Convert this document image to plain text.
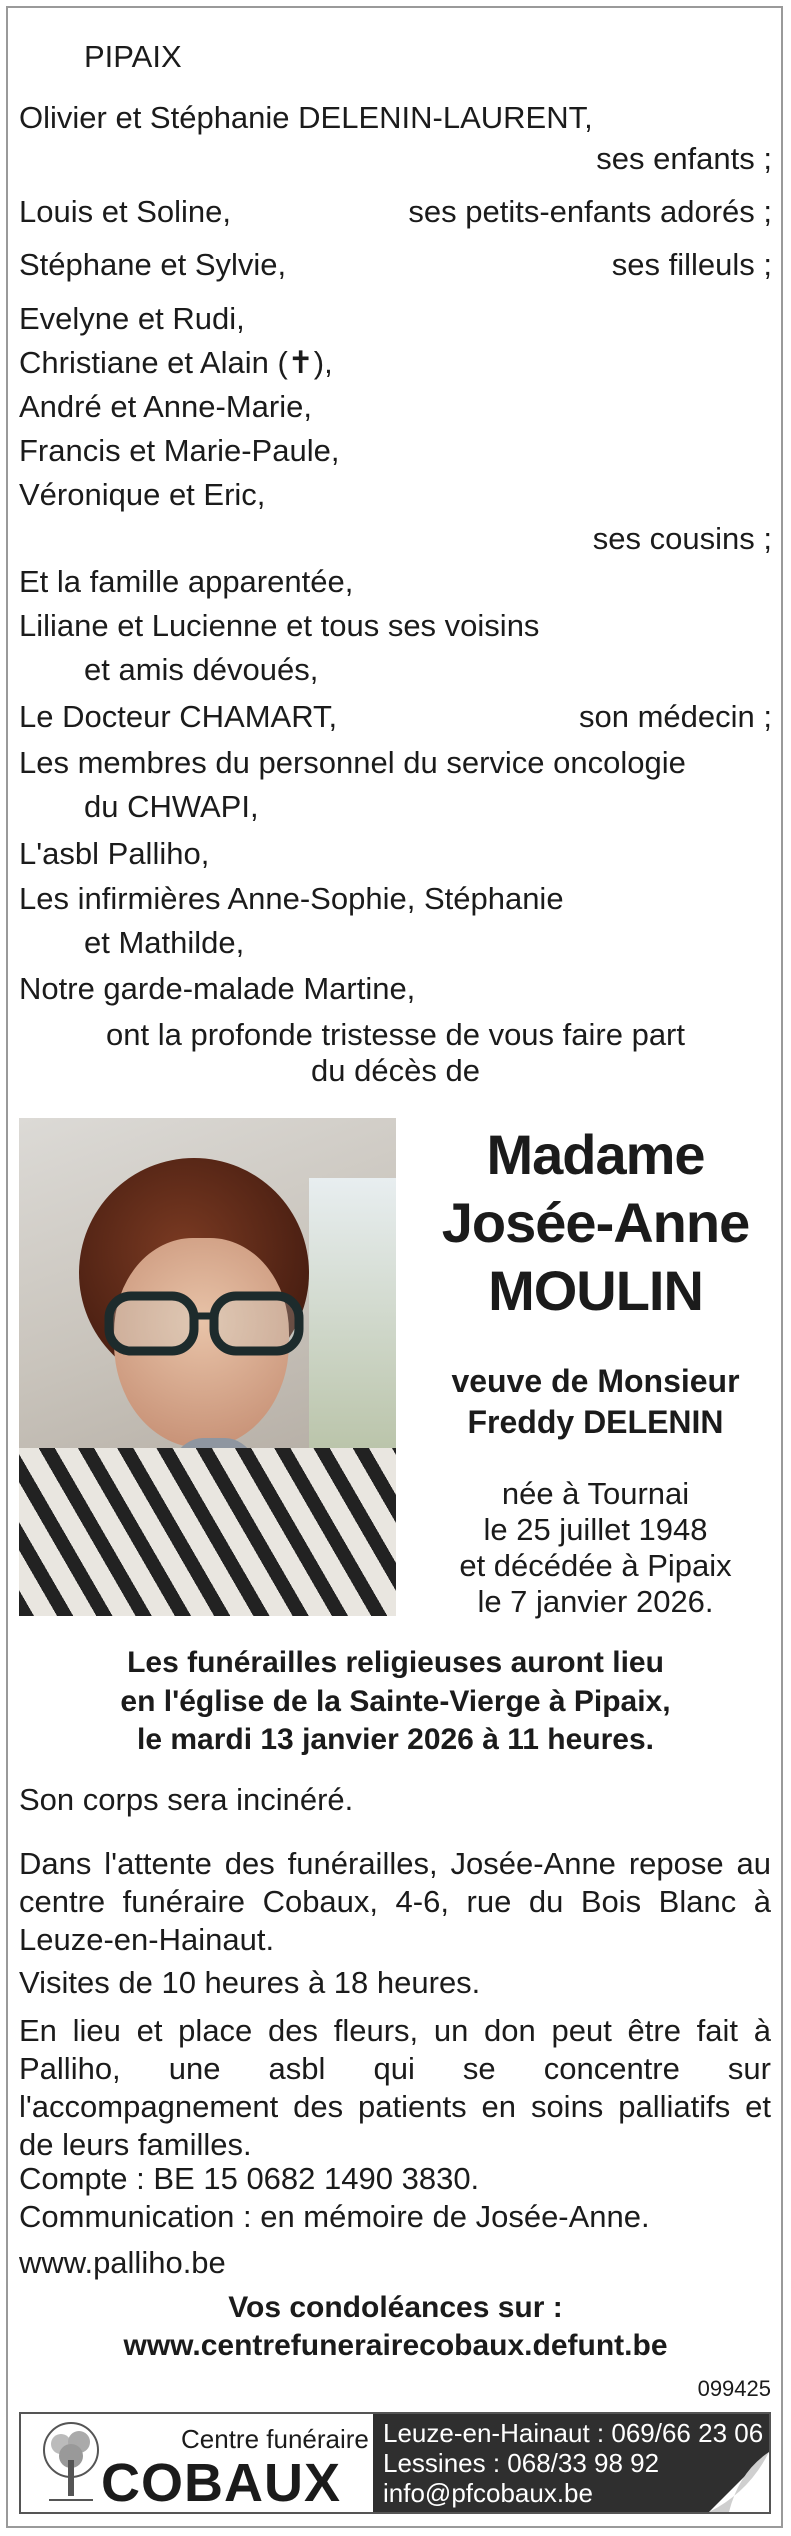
PIPAIX
Olivier et Stéphanie DELENIN-LAURENT,
ses enfants ;
Louis et Soline,	ses petits-enfants adorés ;
Stéphane et Sylvie,	ses filleuls ;
Evelyne et Rudi,
Christiane et Alain (✝),
André et Anne-Marie,
Francis et Marie-Paule,
Véronique et Eric,
ses cousins ;
Et la famille apparentée,
Liliane et Lucienne et tous ses voisins
et amis dévoués,
Le Docteur CHAMART,	son médecin ;
Les membres du personnel du service oncologie
du CHWAPI,
L'asbl Palliho,
Les infirmières Anne-Sophie, Stéphanie
et Mathilde,
Notre garde-malade Martine,
ont la profonde tristesse de vous faire part
du décès de
Madame
Josée-Anne
MOULIN
veuve de Monsieur
Freddy DELENIN
née à Tournai
le 25 juillet 1948
et décédée à Pipaix
le 7 janvier 2026.
Les funérailles religieuses auront lieu
en l'église de la Sainte-Vierge à Pipaix,
le mardi 13 janvier 2026 à 11 heures.
Son corps sera incinéré.
Dans l'attente des funérailles, Josée-Anne repose au centre funéraire Cobaux, 4-6, rue du Bois Blanc à Leuze-en-Hainaut.
Visites de 10 heures à 18 heures.
En lieu et place des fleurs, un don peut être fait à Palliho, une asbl qui se concentre sur l'accompagnement des patients en soins palliatifs et de leurs familles.
Compte : BE 15 0682 1490 3830.
Communication : en mémoire de Josée-Anne.
www.palliho.be
Vos condoléances sur :
www.centrefunerairecobaux.defunt.be
099425
Centre funéraire
COBAUX
Leuze-en-Hainaut : 069/66 23 06
Lessines : 068/33 98 92
info@pfcobaux.be
